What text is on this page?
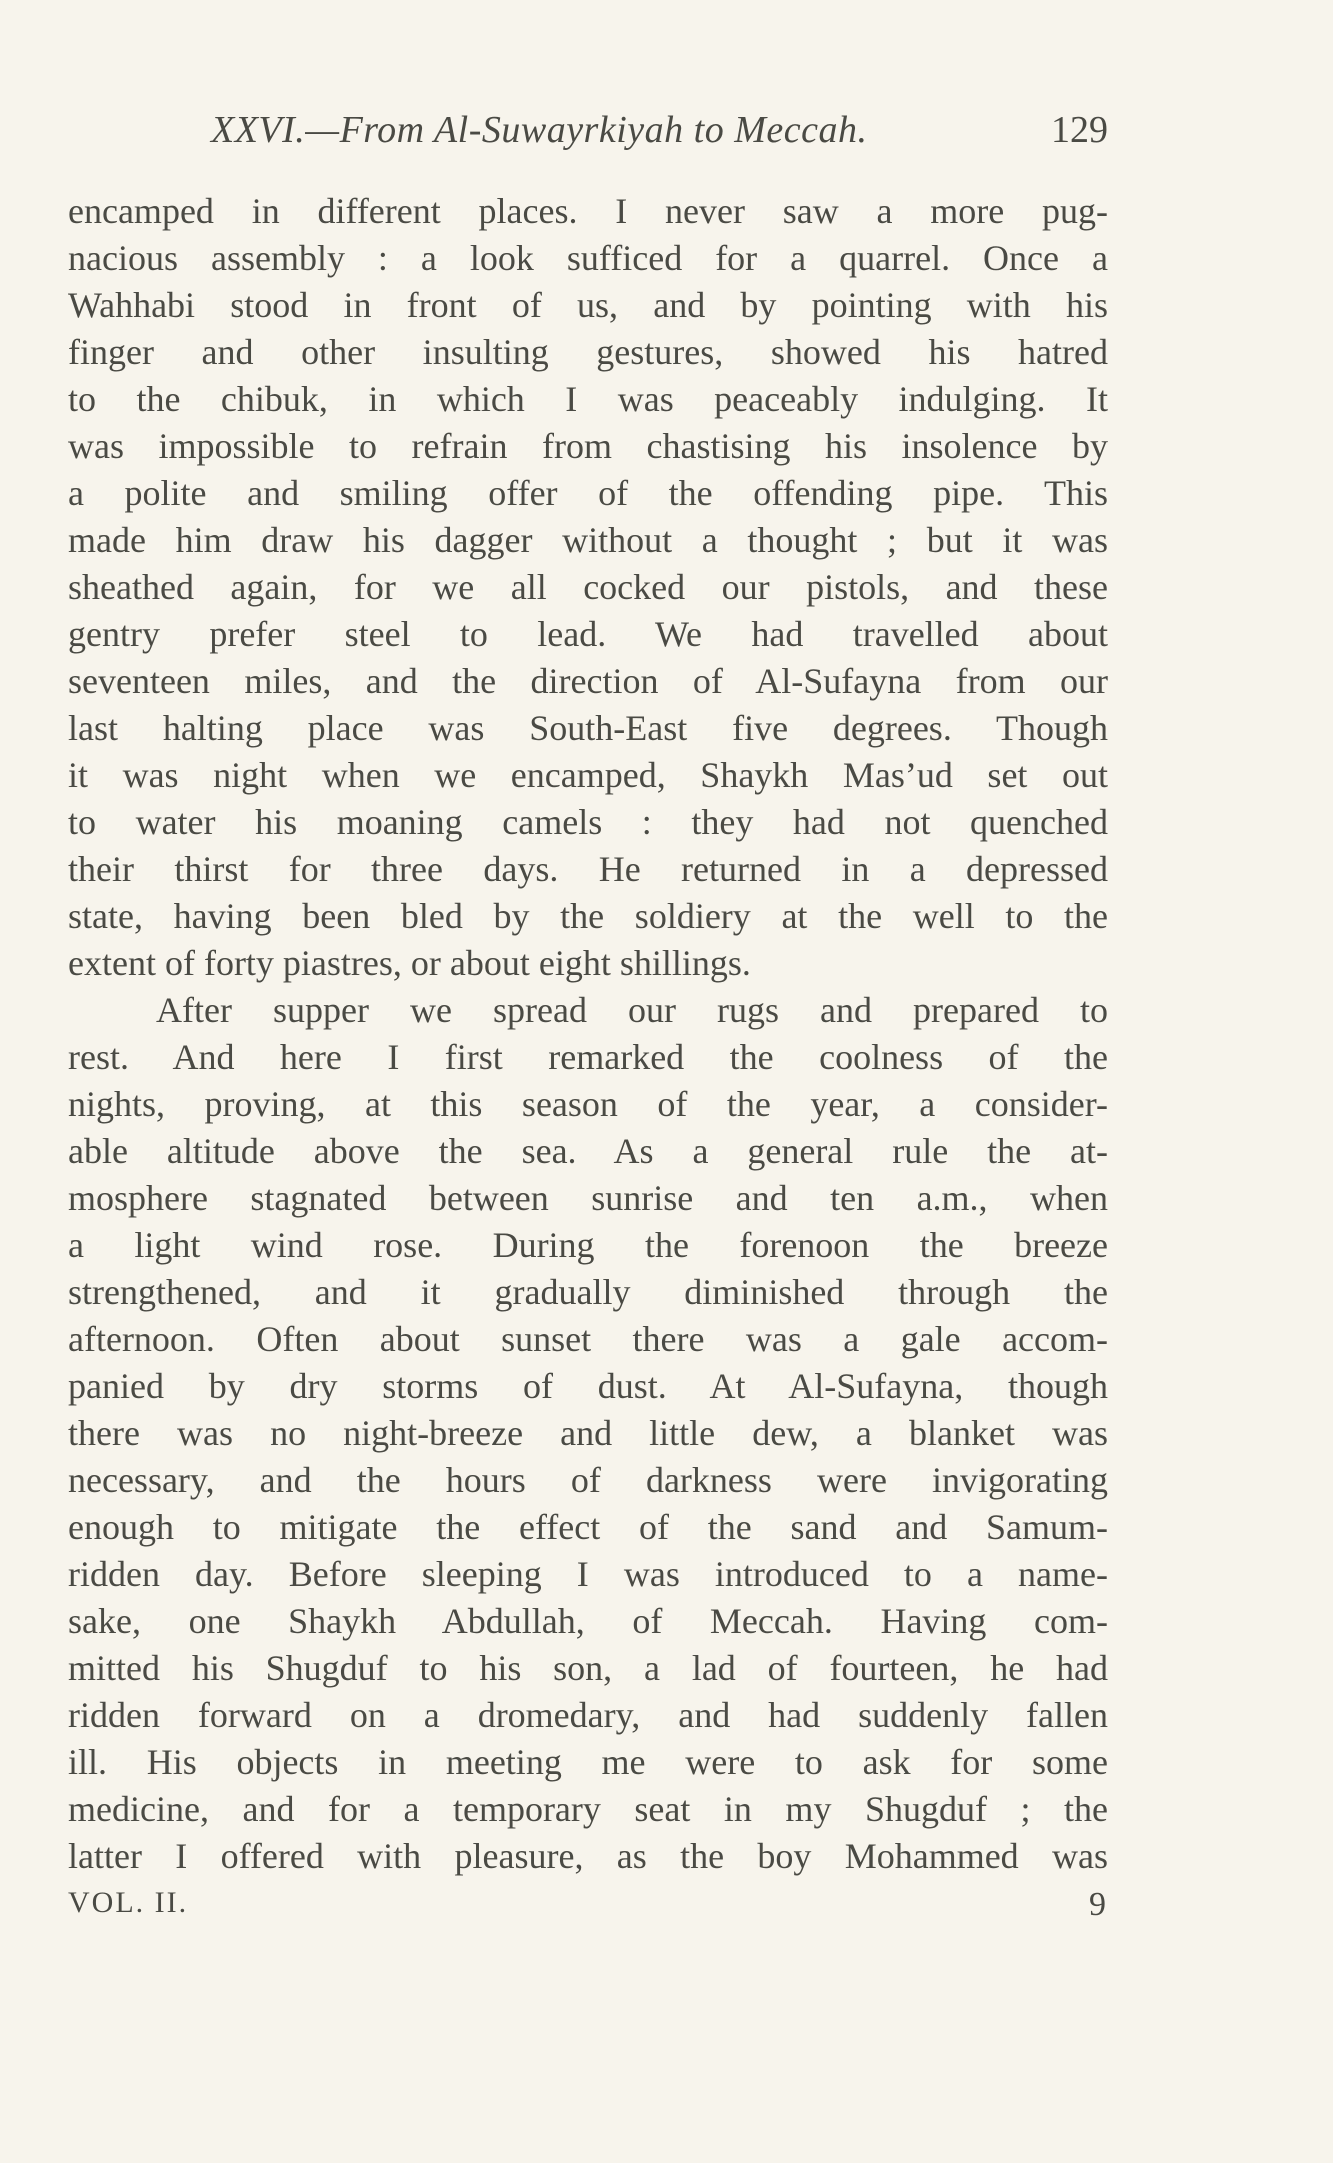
XXVI.—From Al-Suwayrkiyah to Meccah.	129
encamped in different places. I never saw a more pug-
nacious assembly : a look sufficed for a quarrel. Once a
Wahhabi stood in front of us, and by pointing with his
finger and other insulting gestures, showed his hatred
to the chibuk, in which I was peaceably indulging. It
was impossible to refrain from chastising his insolence by
a polite and smiling offer of the offending pipe. This
made him draw his dagger without a thought ; but it was
sheathed again, for we all cocked our pistols, and these
gentry prefer steel to lead. We had travelled about
seventeen miles, and the direction of Al-Sufayna from our
last halting place was South-East five degrees. Though
it was night when we encamped, Shaykh Mas’ud set out
to water his moaning camels : they had not quenched
their thirst for three days. He returned in a depressed
state, having been bled by the soldiery at the well to the
extent of forty piastres, or about eight shillings.
After supper we spread our rugs and prepared to
rest. And here I first remarked the coolness of the
nights, proving, at this season of the year, a consider-
able altitude above the sea. As a general rule the at-
mosphere stagnated between sunrise and ten a.m., when
a light wind rose. During the forenoon the breeze
strengthened, and it gradually diminished through the
afternoon. Often about sunset there was a gale accom-
panied by dry storms of dust. At Al-Sufayna, though
there was no night-breeze and little dew, a blanket was
necessary, and the hours of darkness were invigorating
enough to mitigate the effect of the sand and Samum-
ridden day. Before sleeping I was introduced to a name-
sake, one Shaykh Abdullah, of Meccah. Having com-
mitted his Shugduf to his son, a lad of fourteen, he had
ridden forward on a dromedary, and had suddenly fallen
ill. His objects in meeting me were to ask for some
medicine, and for a temporary seat in my Shugduf ; the
latter I offered with pleasure, as the boy Mohammed was
VOL. II.	9
